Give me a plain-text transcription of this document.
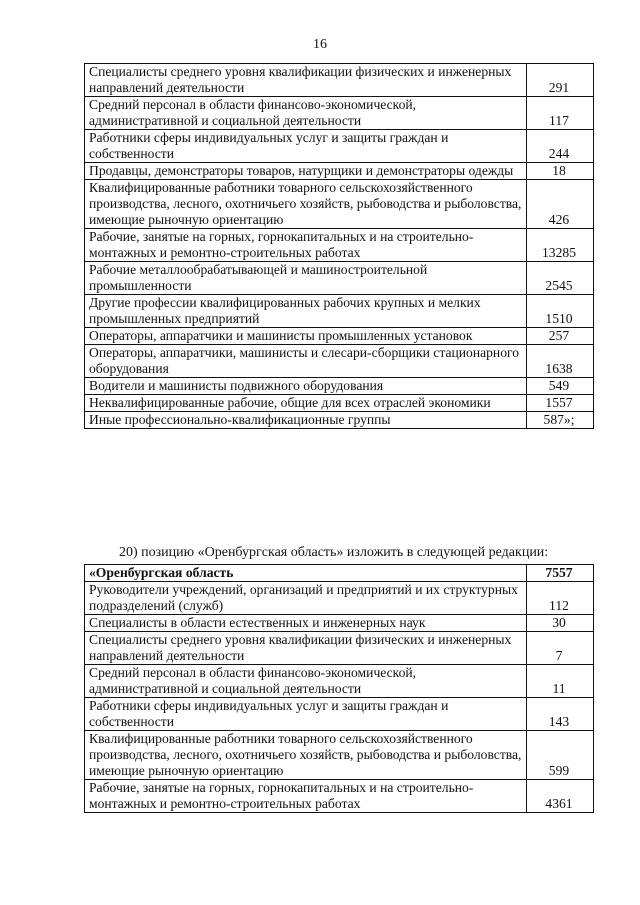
16
Специалисты среднего уровня квалификации физических и инженерных направлений деятельности	291
Средний персонал в области финансово-экономической, административной и социальной деятельности	117
Работники сферы индивидуальных услуг и защиты граждан и собственности	244
Продавцы, демонстраторы товаров, натурщики и демонстраторы одежды	18
Квалифицированные работники товарного сельскохозяйственного производства, лесного, охотничьего хозяйств, рыбоводства и рыболовства, имеющие рыночную ориентацию	426
Рабочие, занятые на горных, горнокапитальных и на строительно-монтажных и ремонтно-строительных работах	13285
Рабочие металлообрабатывающей и машиностроительной промышленности	2545
Другие профессии квалифицированных рабочих крупных и мелких промышленных предприятий	1510
Операторы, аппаратчики и машинисты промышленных установок	257
Операторы, аппаратчики, машинисты и слесари-сборщики стационарного оборудования	1638
Водители и машинисты подвижного оборудования	549
Неквалифицированные рабочие, общие для всех отраслей экономики	1557
Иные профессионально-квалификационные группы	587»;
20) позицию «Оренбургская область» изложить в следующей редакции:
«Оренбургская область	7557
Руководители учреждений, организаций и предприятий и их структурных подразделений (служб)	112
Специалисты в области естественных и инженерных наук	30
Специалисты среднего уровня квалификации физических и инженерных направлений деятельности	7
Средний персонал в области финансово-экономической, административной и социальной деятельности	11
Работники сферы индивидуальных услуг и защиты граждан и собственности	143
Квалифицированные работники товарного сельскохозяйственного производства, лесного, охотничьего хозяйств, рыбоводства и рыболовства, имеющие рыночную ориентацию	599
Рабочие, занятые на горных, горнокапитальных и на строительно-монтажных и ремонтно-строительных работах	4361
